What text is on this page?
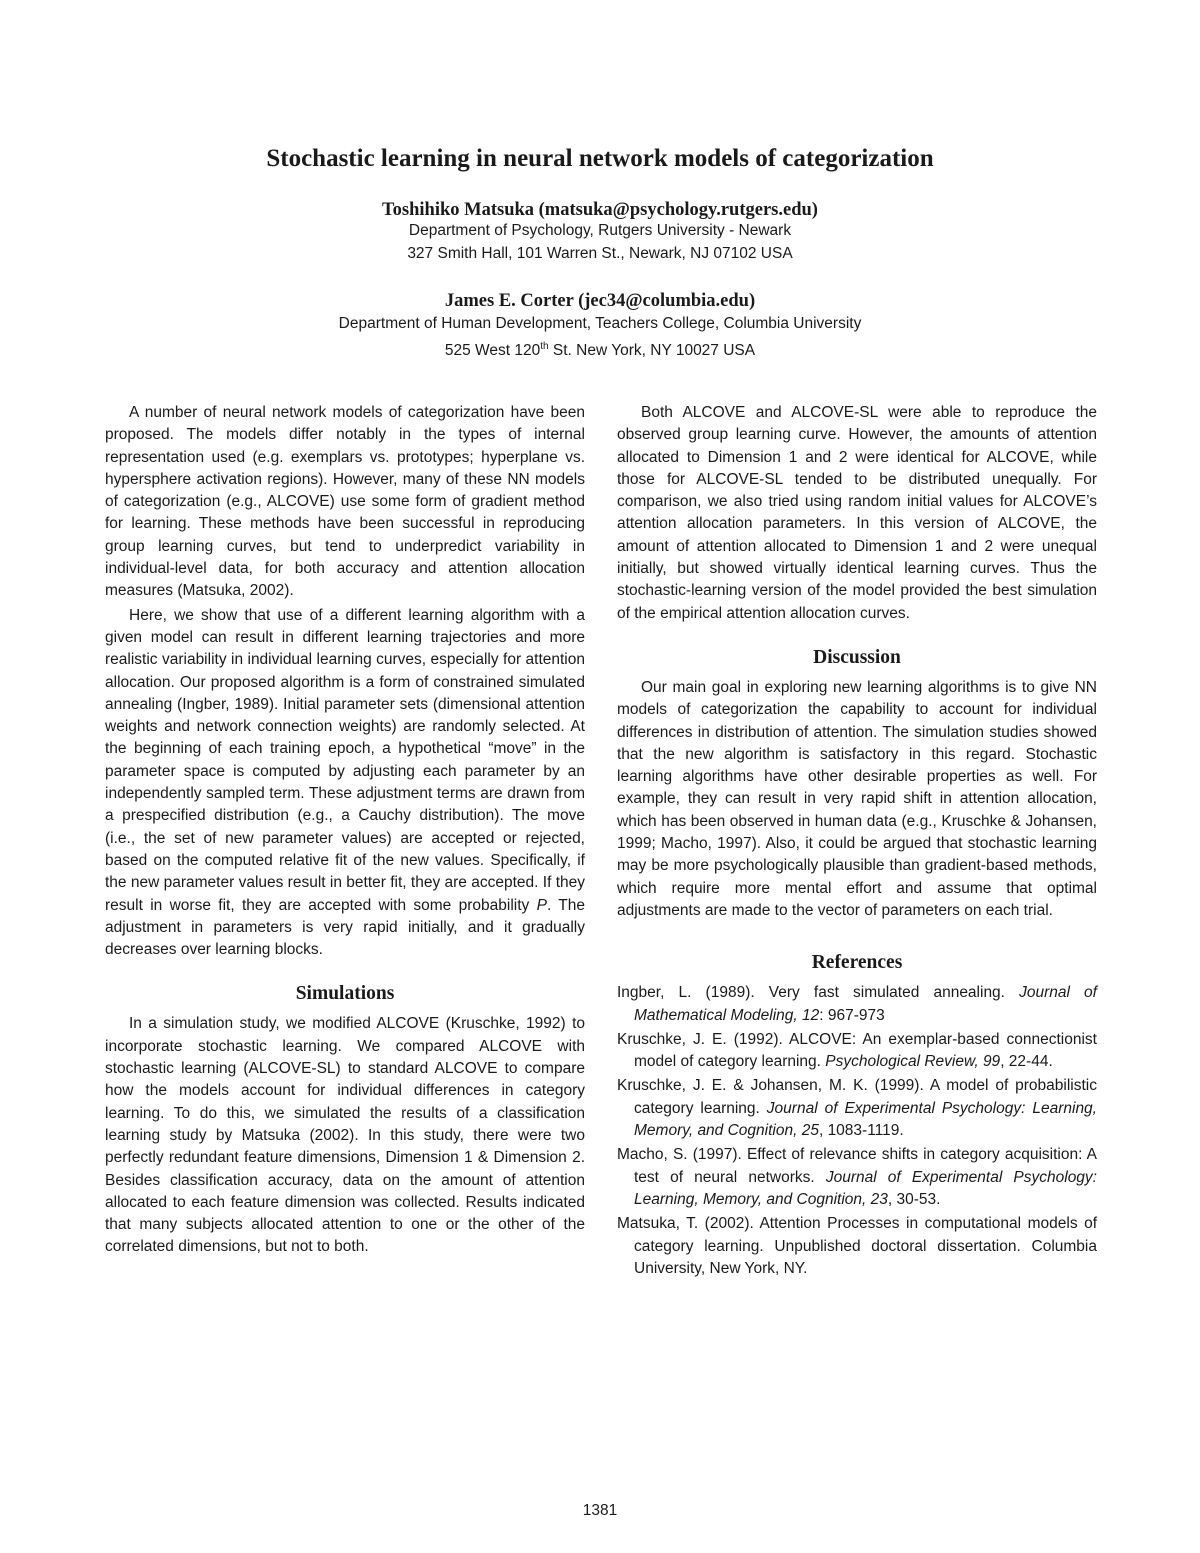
Stochastic learning in neural network models of categorization
Toshihiko Matsuka (matsuka@psychology.rutgers.edu)
Department of Psychology, Rutgers University - Newark
327 Smith Hall, 101 Warren St., Newark, NJ 07102 USA
James E. Corter (jec34@columbia.edu)
Department of Human Development, Teachers College, Columbia University
525 West 120th St. New York, NY 10027 USA

A number of neural network models of categorization have been proposed. The models differ notably in the types of internal representation used (e.g. exemplars vs. prototypes; hyperplane vs. hypersphere activation regions). However, many of these NN models of categorization (e.g., ALCOVE) use some form of gradient method for learning. These methods have been successful in reproducing group learning curves, but tend to underpredict variability in individual-level data, for both accuracy and attention allocation measures (Matsuka, 2002).

Here, we show that use of a different learning algorithm with a given model can result in different learning trajectories and more realistic variability in individual learning curves, especially for attention allocation. Our proposed algorithm is a form of constrained simulated annealing (Ingber, 1989). Initial parameter sets (dimensional attention weights and network connection weights) are randomly selected. At the beginning of each training epoch, a hypothetical “move” in the parameter space is computed by adjusting each parameter by an independently sampled term. These adjustment terms are drawn from a prespecified distribution (e.g., a Cauchy distribution). The move (i.e., the set of new parameter values) are accepted or rejected, based on the computed relative fit of the new values. Specifically, if the new parameter values result in better fit, they are accepted. If they result in worse fit, they are accepted with some probability P. The adjustment in parameters is very rapid initially, and it gradually decreases over learning blocks.

Simulations

In a simulation study, we modified ALCOVE (Kruschke, 1992) to incorporate stochastic learning. We compared ALCOVE with stochastic learning (ALCOVE-SL) to standard ALCOVE to compare how the models account for individual differences in category learning. To do this, we simulated the results of a classification learning study by Matsuka (2002). In this study, there were two perfectly redundant feature dimensions, Dimension 1 & Dimension 2. Besides classification accuracy, data on the amount of attention allocated to each feature dimension was collected. Results indicated that many subjects allocated attention to one or the other of the correlated dimensions, but not to both.

Both ALCOVE and ALCOVE-SL were able to reproduce the observed group learning curve. However, the amounts of attention allocated to Dimension 1 and 2 were identical for ALCOVE, while those for ALCOVE-SL tended to be distributed unequally. For comparison, we also tried using random initial values for ALCOVE’s attention allocation parameters. In this version of ALCOVE, the amount of attention allocated to Dimension 1 and 2 were unequal initially, but showed virtually identical learning curves. Thus the stochastic-learning version of the model provided the best simulation of the empirical attention allocation curves.

Discussion

Our main goal in exploring new learning algorithms is to give NN models of categorization the capability to account for individual differences in distribution of attention. The simulation studies showed that the new algorithm is satisfactory in this regard. Stochastic learning algorithms have other desirable properties as well. For example, they can result in very rapid shift in attention allocation, which has been observed in human data (e.g., Kruschke & Johansen, 1999; Macho, 1997). Also, it could be argued that stochastic learning may be more psychologically plausible than gradient-based methods, which require more mental effort and assume that optimal adjustments are made to the vector of parameters on each trial.

References
Ingber, L. (1989). Very fast simulated annealing. Journal of Mathematical Modeling, 12: 967-973
Kruschke, J. E. (1992). ALCOVE: An exemplar-based connectionist model of category learning. Psychological Review, 99, 22-44.
Kruschke, J. E. & Johansen, M. K. (1999). A model of probabilistic category learning. Journal of Experimental Psychology: Learning, Memory, and Cognition, 25, 1083-1119.
Macho, S. (1997). Effect of relevance shifts in category acquisition: A test of neural networks. Journal of Experimental Psychology: Learning, Memory, and Cognition, 23, 30-53.
Matsuka, T. (2002). Attention Processes in computational models of category learning. Unpublished doctoral dissertation. Columbia University, New York, NY.
1381
